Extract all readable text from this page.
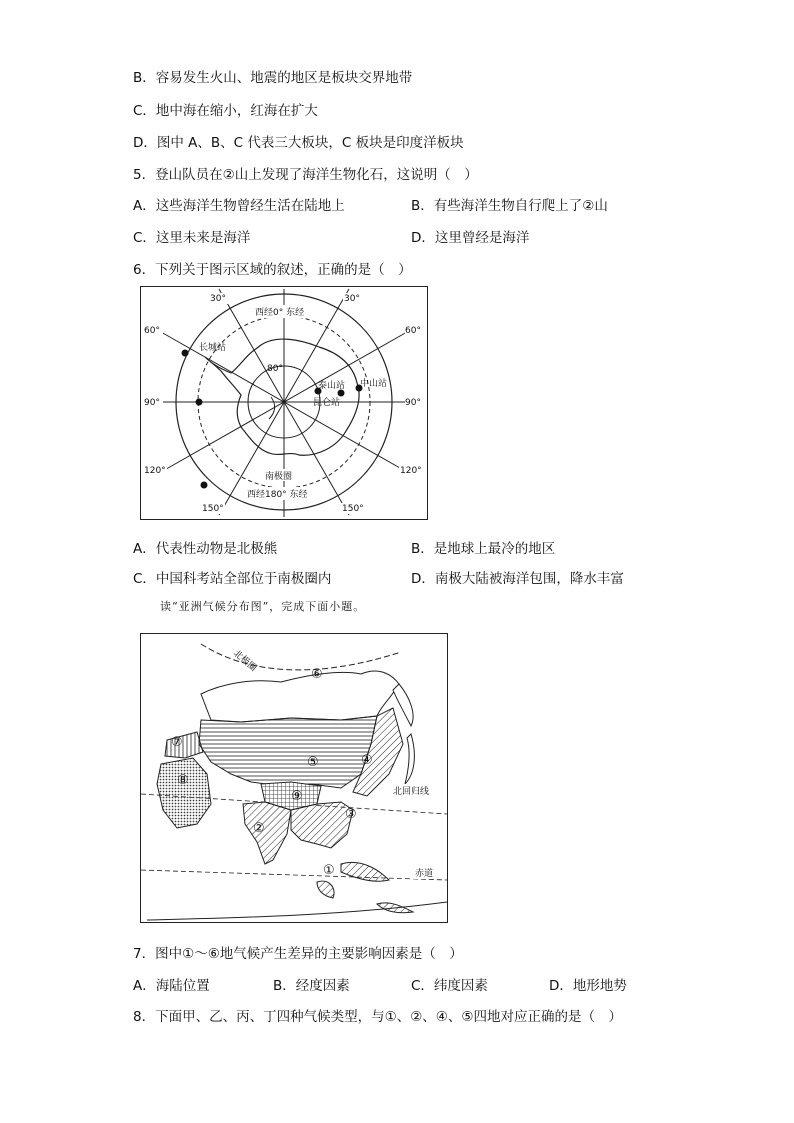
B．容易发生火山、地震的地区是板块交界地带
C．地中海在缩小，红海在扩大
D．图中 A、B、C 代表三大板块，C 板块是印度洋板块
5．登山队员在②山上发现了海洋生物化石，这说明（　）
A．这些海洋生物曾经生活在陆地上	B．有些海洋生物自行爬上了②山
C．这里未来是海洋	D．这里曾经是海洋
6．下列关于图示区域的叙述，正确的是（　）
西经0° 东经
西经180° 东经
南极圈
80°
30°	30°
60°	60°
90°	90°
120°	120°
150°	150°
长城站
泰山站 中山站
昆仑站
A．代表性动物是北极熊	B．是地球上最冷的地区
C．中国科考站全部位于南极圈内	D．南极大陆被海洋包围，降水丰富
读“亚洲气候分布图”，完成下面小题。
①
②
③
④
⑤
⑥
⑦
⑧
⑨
北极圈
北回归线
赤道
7．图中①～⑥地气候产生差异的主要影响因素是（　）
A．海陆位置	B．经度因素	C．纬度因素	D．地形地势
8．下面甲、乙、丙、丁四种气候类型，与①、②、④、⑤四地对应正确的是（　）
